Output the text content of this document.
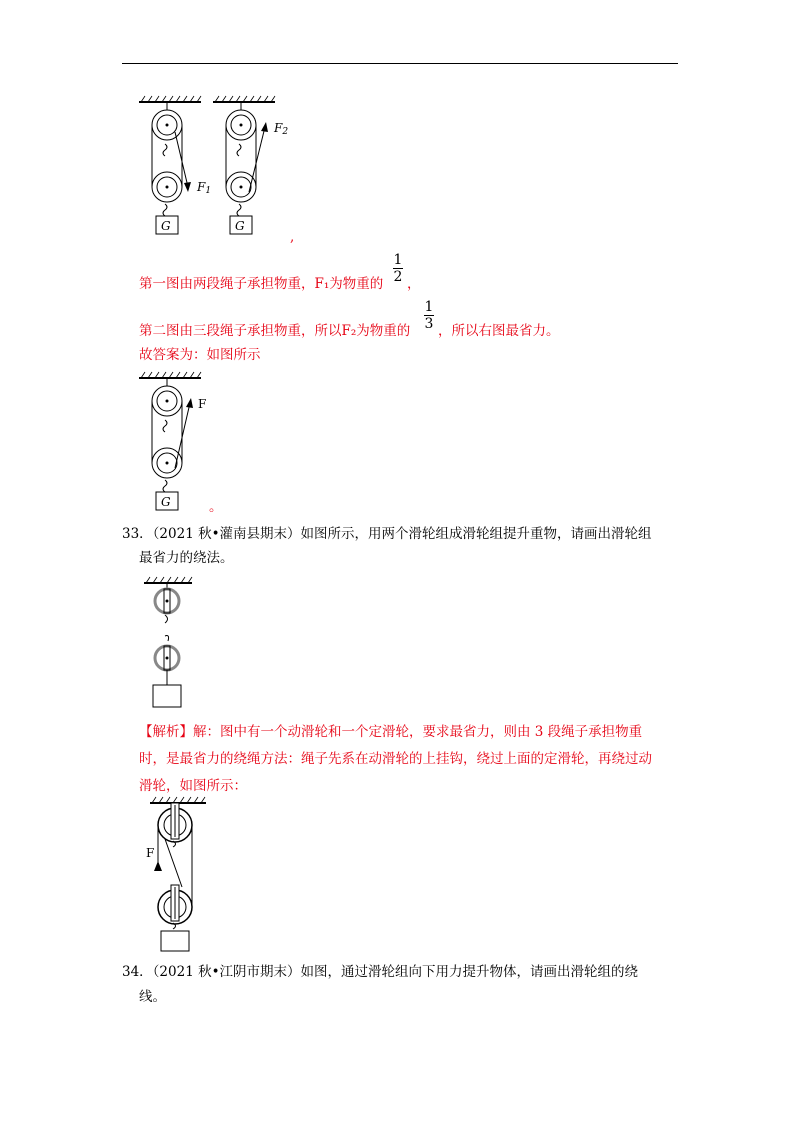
F1
F2
G	G
,
第一图由两段绳子承担物重，F₁为物重的
1
2 ，
第二图由三段绳子承担物重，所以F₂为物重的
1
3 ，所以右图最省力。
故答案为：如图所示
F
G	。
33．（2021 秋•灌南县期末）如图所示，用两个滑轮组成滑轮组提升重物，请画出滑轮组
最省力的绕法。
【解析】解：图中有一个动滑轮和一个定滑轮，要求最省力，则由 3 段绳子承担物重
时，是最省力的绕绳方法：绳子先系在动滑轮的上挂钩，绕过上面的定滑轮，再绕过动
滑轮，如图所示：
F
34．（2021 秋•江阴市期末）如图，通过滑轮组向下用力提升物体，请画出滑轮组的绕
线。
